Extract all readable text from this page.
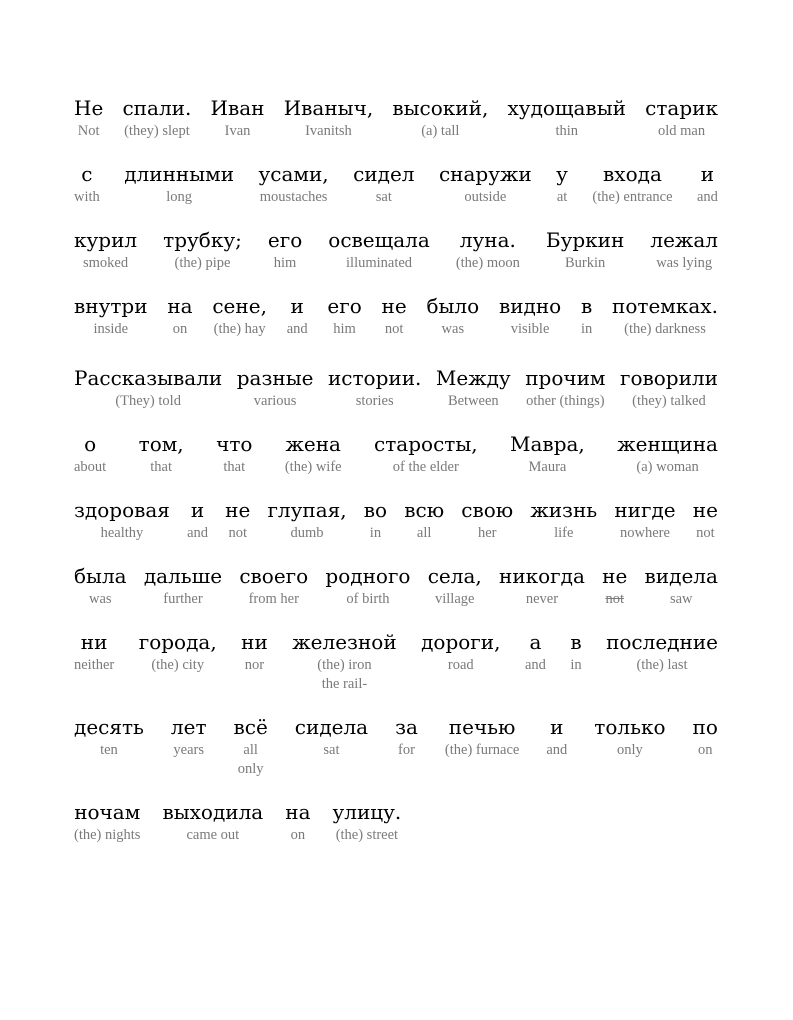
Не
Not
спали.
(they) slept
Иван
Ivan
Иваныч,
Ivanitsh
высокий,
(a) tall
худощавый
thin
старик
old man
с
with
длинными
long
усами,
moustaches
сидел
sat
снаружи
outside
у
at
входа
(the) entrance
и
and
курил
smoked
трубку;
(the) pipe
его
him
освещала
illuminated
луна.
(the) moon
Буркин
Burkin
лежал
was lying
внутри
inside
на
on
сене,
(the) hay
и
and
его
him
не
not
было
was
видно
visible
в
in
потемках.
(the) darkness
Рассказывали
(They) told
разные
various
истории.
stories
Между
Between
прочим
other (things)
говорили
(they) talked
о
about
том,
that
что
that
жена
(the) wife
старосты,
of the elder
Мавра,
Maura
женщина
(a) woman
здоровая
healthy
и
and
не
not
глупая,
dumb
во
in
всю
all
свою
her
жизнь
life
нигде
nowhere
не
not
была
was
дальше
further
своего
from her
родного
of birth
села,
village
никогда
never
не
not
видела
saw
ни
neither
города,
(the) city
ни
nor
железной
(the) iron
the rail-
дороги,
road
а
and
в
in
последние
(the) last
десять
ten
лет
years
всё
all
only
сидела
sat
за
for
печью
(the) furnace
и
and
только
only
по
on
ночам
(the) nights
выходила
came out
на
on
улицу.
(the) street
